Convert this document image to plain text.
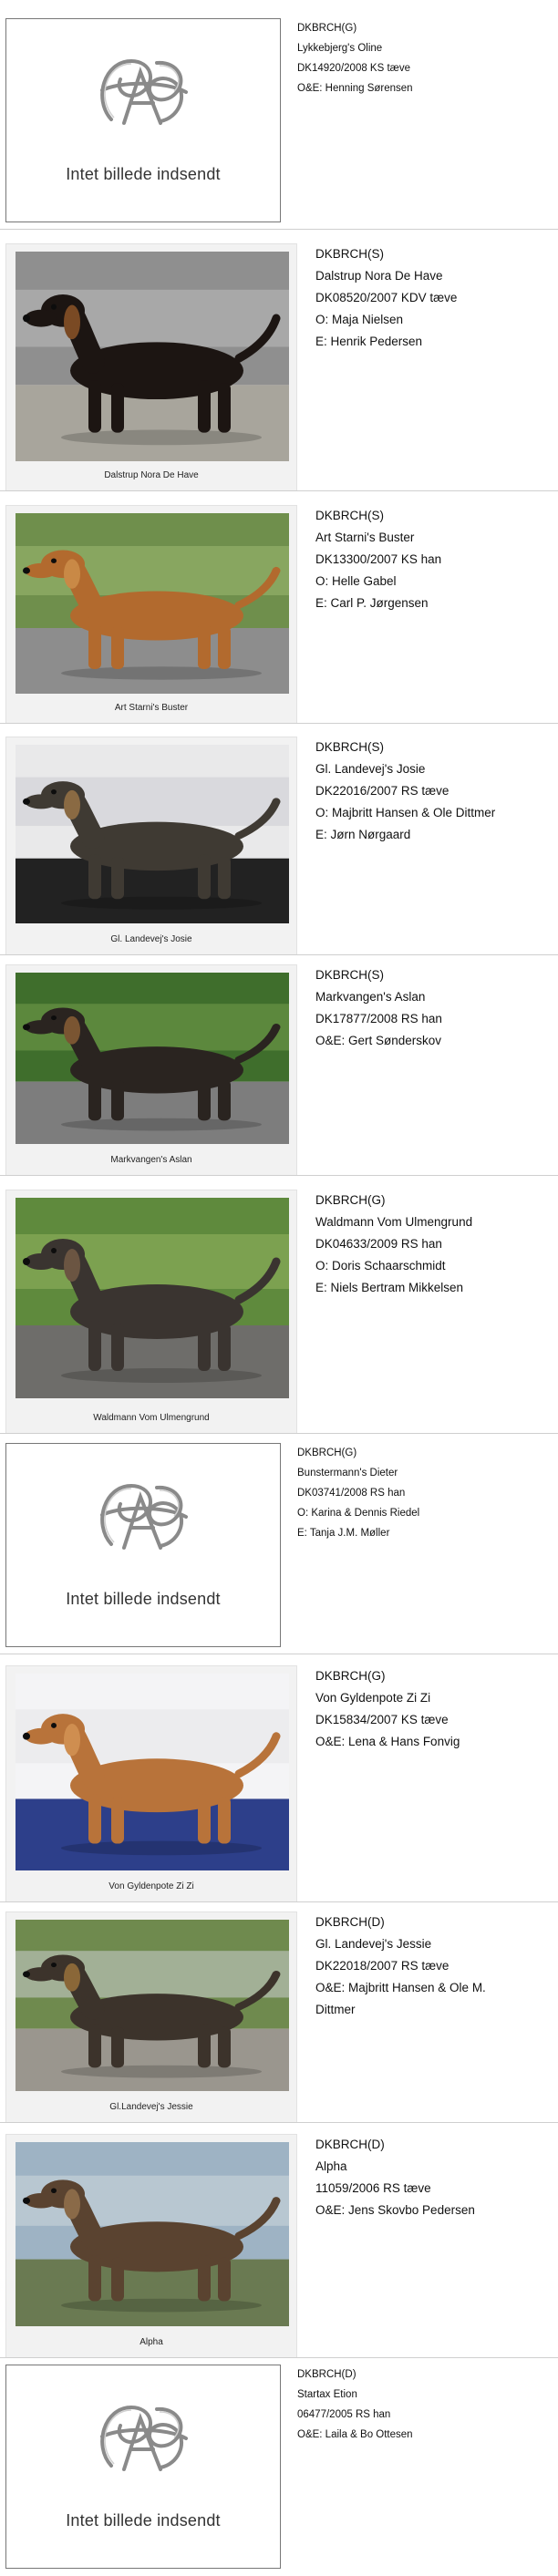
Intet billede indsendt
DKBRCH(G)
Lykkebjerg's Oline
DK14920/2008 KS tæve
O&E: Henning Sørensen
Dalstrup Nora De Have
DKBRCH(S)
Dalstrup Nora De Have
DK08520/2007 KDV tæve
O: Maja Nielsen
E: Henrik Pedersen
Art Starni's Buster
DKBRCH(S)
Art Starni's Buster
DK13300/2007 KS han
O: Helle Gabel
E: Carl P. Jørgensen
Gl. Landevej's Josie
DKBRCH(S)
Gl. Landevej's Josie
DK22016/2007 RS tæve
O: Majbritt Hansen & Ole Dittmer
E: Jørn Nørgaard
Markvangen's Aslan
DKBRCH(S)
Markvangen's Aslan
DK17877/2008 RS han
O&E: Gert Sønderskov
Waldmann Vom Ulmengrund
DKBRCH(G)
Waldmann Vom Ulmengrund
DK04633/2009 RS han
O: Doris Schaarschmidt
E: Niels Bertram Mikkelsen
Intet billede indsendt
DKBRCH(G)
Bunstermann's Dieter
DK03741/2008 RS han
O: Karina & Dennis Riedel
E: Tanja J.M. Møller
Von Gyldenpote Zi Zi
DKBRCH(G)
Von Gyldenpote Zi Zi
DK15834/2007 KS tæve
O&E: Lena & Hans Fonvig
Gl.Landevej's Jessie
DKBRCH(D)
Gl. Landevej's Jessie
DK22018/2007 RS tæve
O&E: Majbritt Hansen & Ole M.
Dittmer
Alpha
DKBRCH(D)
Alpha
11059/2006 RS tæve
O&E: Jens Skovbo Pedersen
Intet billede indsendt
DKBRCH(D)
Startax Etion
06477/2005 RS han
O&E: Laila & Bo Ottesen
